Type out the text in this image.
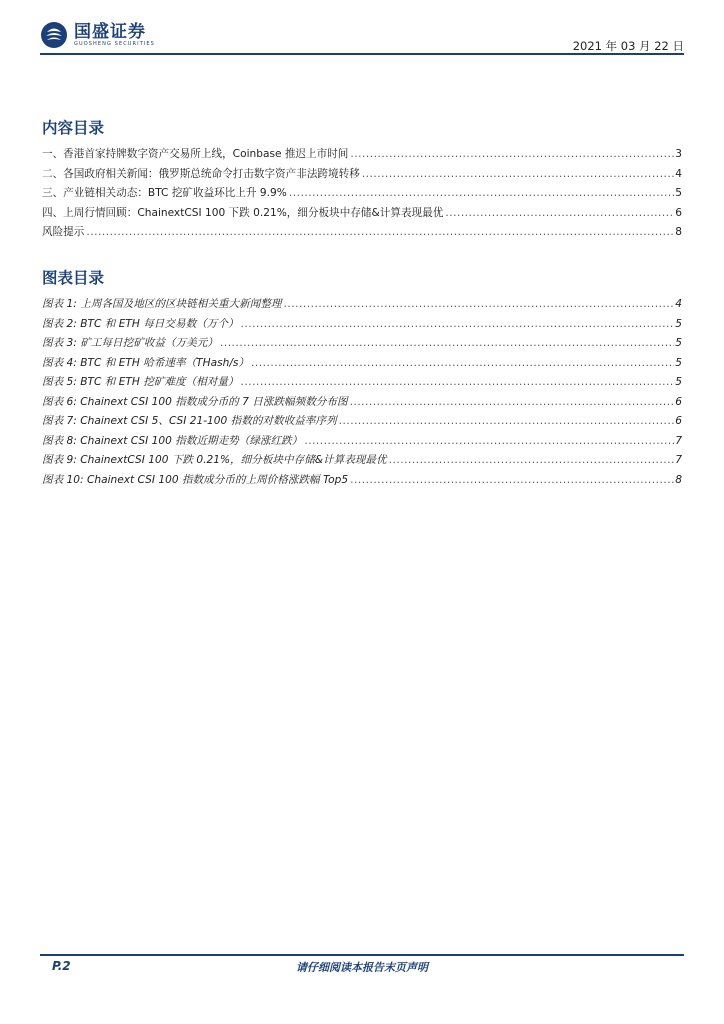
国盛证券
GUOSHENG SECURITIES	2021 年 03 月 22 日
内容目录
一、香港首家持牌数字资产交易所上线，Coinbase 推迟上市时间 .....	3
二、各国政府相关新闻：俄罗斯总统命令打击数字资产非法跨境转移 .....	4
三、产业链相关动态：BTC 挖矿收益环比上升 9.9% .....	5
四、上周行情回顾：ChainextCSI 100 下跌 0.21%，细分板块中存储&计算表现最优 .....	6
风险提示 .....	8
图表目录
图表 1: 上周各国及地区的区块链相关重大新闻整理 .....	4
图表 2: BTC 和 ETH 每日交易数（万个） .....	5
图表 3: 矿工每日挖矿收益（万美元） .....	5
图表 4: BTC 和 ETH 哈希速率（THash/s） .....	5
图表 5: BTC 和 ETH 挖矿难度（相对量） .....	5
图表 6: Chainext CSI 100 指数成分币的 7 日涨跌幅频数分布图 .....	6
图表 7: Chainext CSI 5、CSI 21-100 指数的对数收益率序列 .....	6
图表 8: Chainext CSI 100 指数近期走势（绿涨红跌） .....	7
图表 9: ChainextCSI 100 下跌 0.21%，细分板块中存储&计算表现最优 .....	7
图表 10: Chainext CSI 100 指数成分币的上周价格涨跌幅 Top5 .....	8
请仔细阅读本报告末页声明
P.2
